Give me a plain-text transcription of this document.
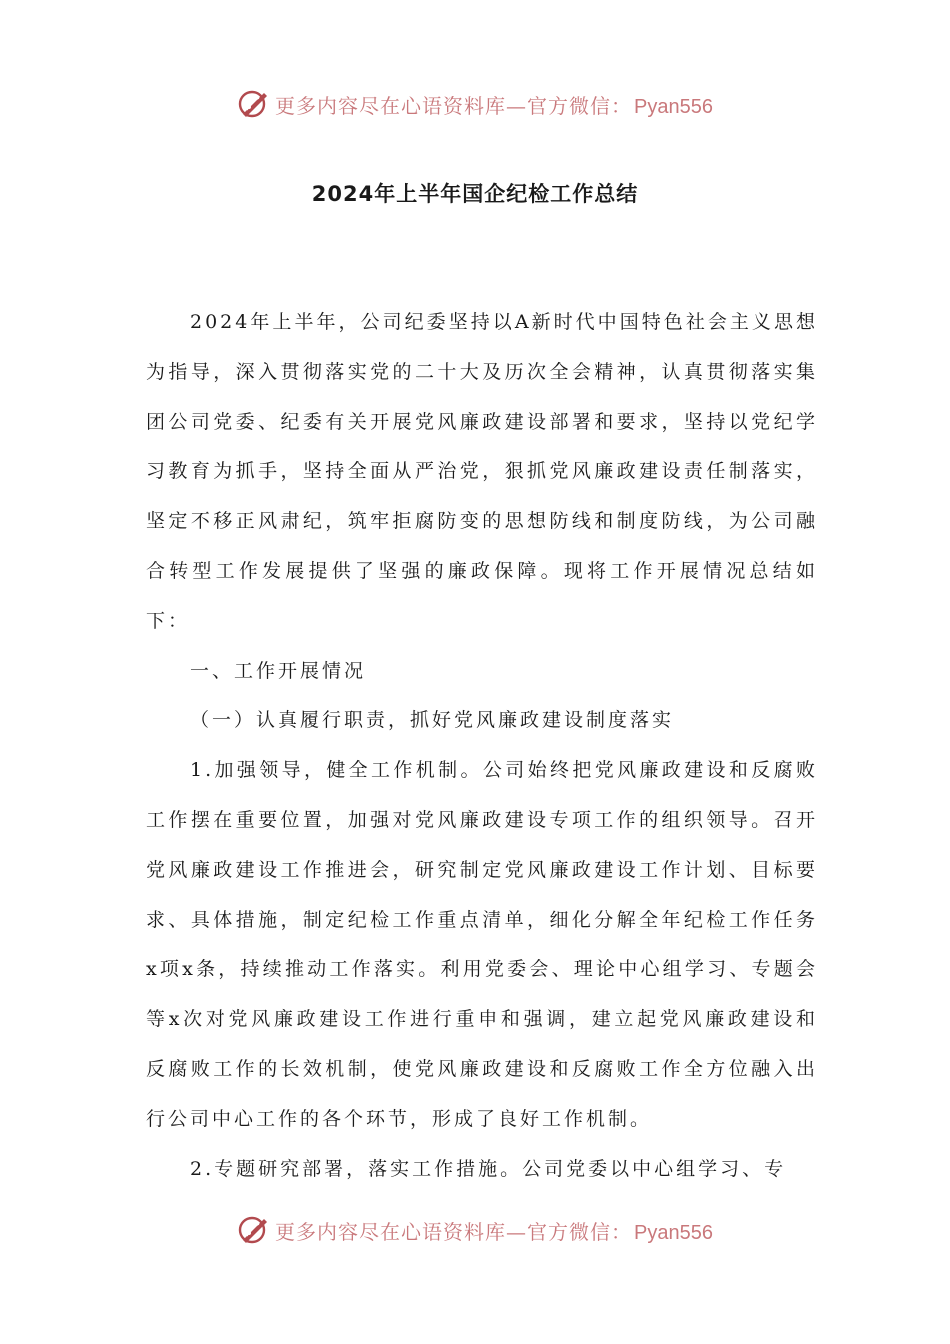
更多内容尽在心语资料库—官方微信： Pyan556
2024年上半年国企纪检工作总结

2024年上半年，公司纪委坚持以A新时代中国特色社会主义思想为指导，深入贯彻落实党的二十大及历次全会精神，认真贯彻落实集团公司党委、纪委有关开展党风廉政建设部署和要求，坚持以党纪学习教育为抓手，坚持全面从严治党，狠抓党风廉政建设责任制落实，坚定不移正风肃纪，筑牢拒腐防变的思想防线和制度防线，为公司融合转型工作发展提供了坚强的廉政保障。现将工作开展情况总结如下：

一、工作开展情况

（一）认真履行职责，抓好党风廉政建设制度落实

1.加强领导，健全工作机制。公司始终把党风廉政建设和反腐败工作摆在重要位置，加强对党风廉政建设专项工作的组织领导。召开党风廉政建设工作推进会，研究制定党风廉政建设工作计划、目标要求、具体措施，制定纪检工作重点清单，细化分解全年纪检工作任务x项x条，持续推动工作落实。利用党委会、理论中心组学习、专题会等x次对党风廉政建设工作进行重申和强调，建立起党风廉政建设和反腐败工作的长效机制，使党风廉政建设和反腐败工作全方位融入出行公司中心工作的各个环节，形成了良好工作机制。

2.专题研究部署，落实工作措施。公司党委以中心组学习、专

更多内容尽在心语资料库—官方微信： Pyan556
